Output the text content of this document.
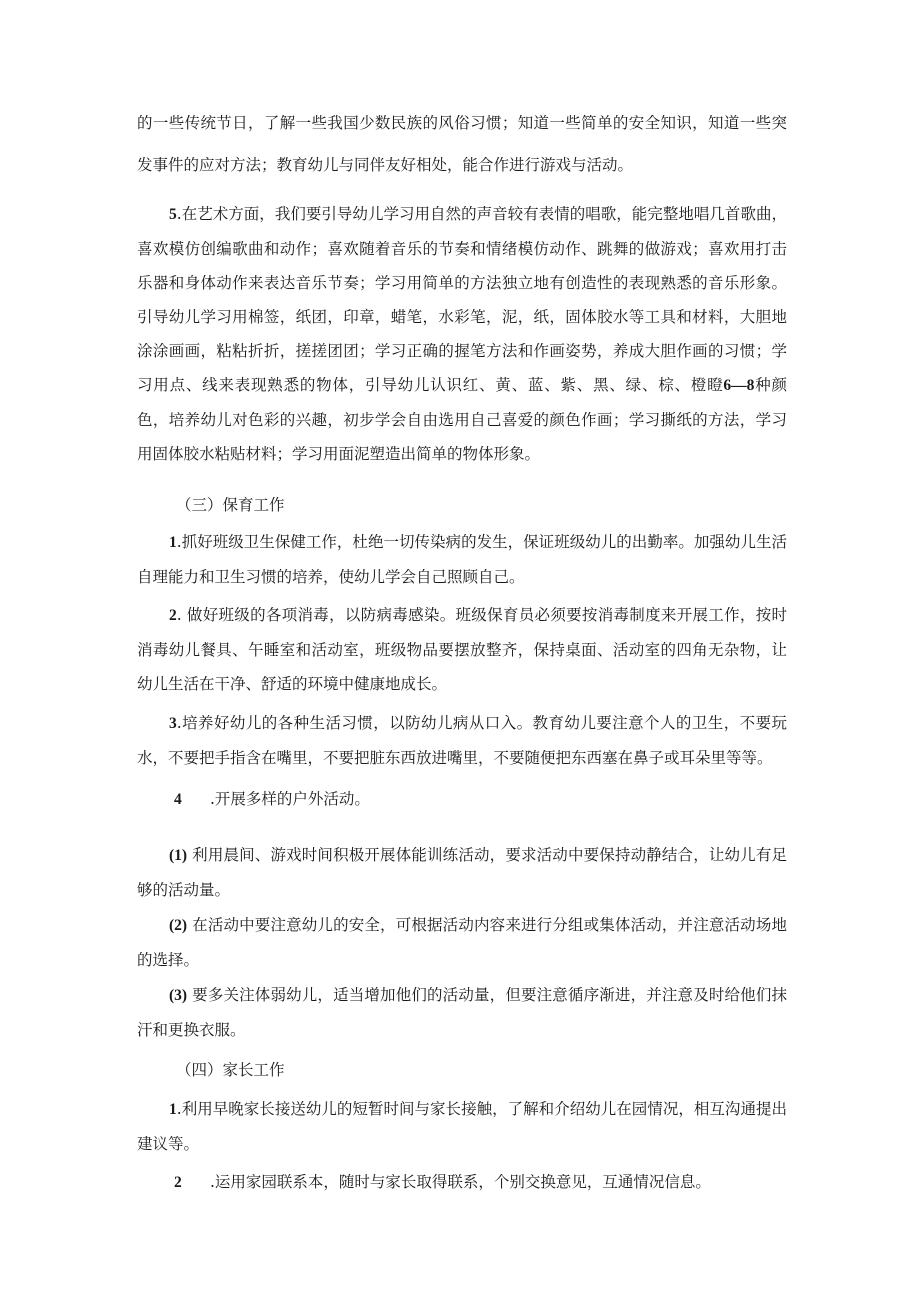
的一些传统节日，了解一些我国少数民族的风俗习惯；知道一些简单的安全知识，知道一些突发事件的应对方法；教育幼儿与同伴友好相处，能合作进行游戏与活动。

5.在艺术方面，我们要引导幼儿学习用自然的声音较有表情的唱歌，能完整地唱几首歌曲，喜欢模仿创编歌曲和动作；喜欢随着音乐的节奏和情绪模仿动作、跳舞的做游戏；喜欢用打击乐器和身体动作来表达音乐节奏；学习用简单的方法独立地有创造性的表现熟悉的音乐形象。引导幼儿学习用棉签，纸团，印章，蜡笔，水彩笔，泥，纸，固体胶水等工具和材料，大胆地涂涂画画，粘粘折折，搓搓团团；学习正确的握笔方法和作画姿势，养成大胆作画的习惯；学习用点、线来表现熟悉的物体，引导幼儿认识红、黄、蓝、紫、黑、绿、棕、橙瞪6—8种颜色，培养幼儿对色彩的兴趣，初步学会自由选用自己喜爱的颜色作画；学习撕纸的方法，学习用固体胶水粘贴材料；学习用面泥塑造出简单的物体形象。

（三）保育工作

1.抓好班级卫生保健工作，杜绝一切传染病的发生，保证班级幼儿的出勤率。加强幼儿生活自理能力和卫生习惯的培养，使幼儿学会自己照顾自己。

2. 做好班级的各项消毒，以防病毒感染。班级保育员必须要按消毒制度来开展工作，按时消毒幼儿餐具、午睡室和活动室，班级物品要摆放整齐，保持桌面、活动室的四角无杂物，让幼儿生活在干净、舒适的环境中健康地成长。

3.培养好幼儿的各种生活习惯，以防幼儿病从口入。教育幼儿要注意个人的卫生，不要玩水，不要把手指含在嘴里，不要把脏东西放进嘴里，不要随便把东西塞在鼻子或耳朵里等等。

4 .开展多样的户外活动。

(1) 利用晨间、游戏时间积极开展体能训练活动，要求活动中要保持动静结合，让幼儿有足够的活动量。

(2) 在活动中要注意幼儿的安全，可根据活动内容来进行分组或集体活动，并注意活动场地的选择。

(3) 要多关注体弱幼儿，适当增加他们的活动量，但要注意循序渐进，并注意及时给他们抹汗和更换衣服。

（四）家长工作

1.利用早晚家长接送幼儿的短暂时间与家长接触，了解和介绍幼儿在园情况，相互沟通提出建议等。

2 .运用家园联系本，随时与家长取得联系，个别交换意见，互通情况信息。
